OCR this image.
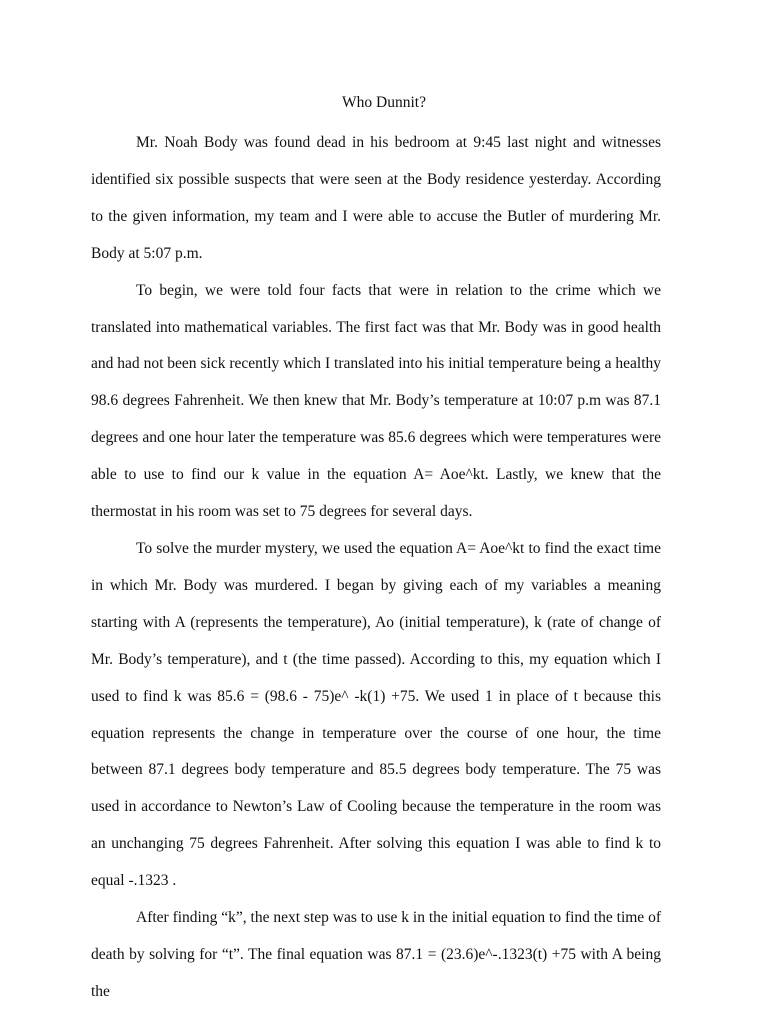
Who Dunnit?

Mr. Noah Body was found dead in his bedroom at 9:45 last night and witnesses identified six possible suspects that were seen at the Body residence yesterday. According to the given information, my team and I were able to accuse the Butler of murdering Mr. Body at 5:07 p.m.

To begin, we were told four facts that were in relation to the crime which we translated into mathematical variables. The first fact was that Mr. Body was in good health and had not been sick recently which I translated into his initial temperature being a healthy 98.6 degrees Fahrenheit. We then knew that Mr. Body’s temperature at 10:07 p.m was 87.1 degrees and one hour later the temperature was 85.6 degrees which were temperatures were able to use to find our k value in the equation A= Aoe^kt. Lastly, we knew that the thermostat in his room was set to 75 degrees for several days.

To solve the murder mystery, we used the equation A= Aoe^kt to find the exact time in which Mr. Body was murdered. I began by giving each of my variables a meaning starting with A (represents the temperature), Ao (initial temperature), k (rate of change of Mr. Body’s temperature), and t (the time passed). According to this, my equation which I used to find k was 85.6 = (98.6 - 75)e^ -k(1) +75. We used 1 in place of t because this equation represents the change in temperature over the course of one hour, the time between 87.1 degrees body temperature and 85.5 degrees body temperature. The 75 was used in accordance to Newton’s Law of Cooling because the temperature in the room was an unchanging 75 degrees Fahrenheit. After solving this equation I was able to find k to equal -.1323 .

After finding “k”, the next step was to use k in the initial equation to find the time of death by solving for “t”. The final equation was 87.1 = (23.6)e^-.1323(t) +75 with A being the
